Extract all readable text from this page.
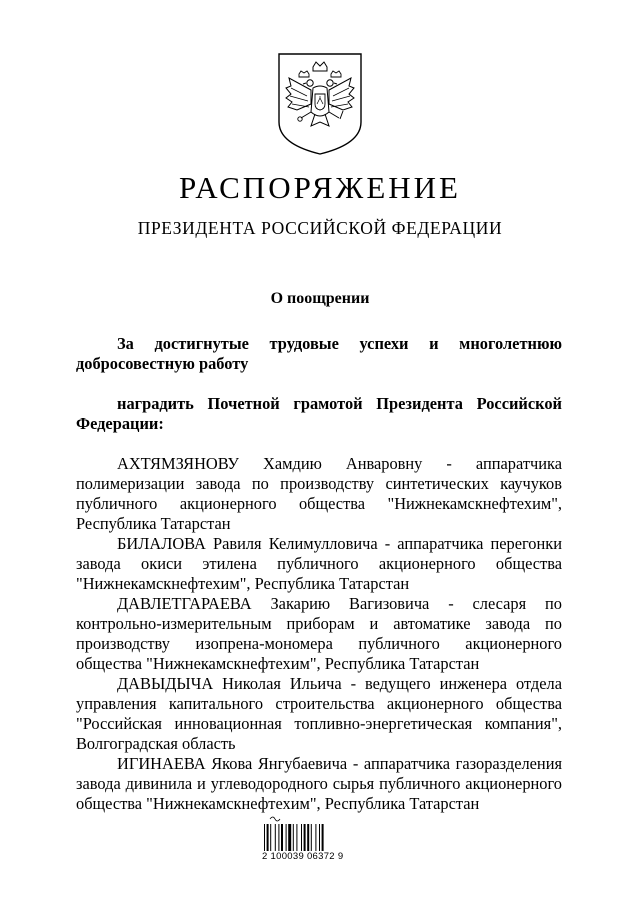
РАСПОРЯЖЕНИЕ
ПРЕЗИДЕНТА РОССИЙСКОЙ ФЕДЕРАЦИИ
О поощрении

За достигнутые трудовые успехи и многолетнюю добросовестную работу

наградить Почетной грамотой Президента Российской Федерации:

АХТЯМЗЯНОВУ Хамдию Анваровну - аппаратчика полимеризации завода по производству синтетических каучуков публичного акционерного общества "Нижнекамскнефтехим", Республика Татарстан

БИЛАЛОВА Равиля Келимуллoвича - аппаратчика перегонки завода окиси этилена публичного акционерного общества "Нижнекамскнефтехим", Республика Татарстан

ДАВЛЕТГАРАЕВА Закарию Вагизовича - слесаря по контрольно-измерительным приборам и автоматике завода по производству изопрена-мономера публичного акционерного общества "Нижнекамскнефтехим", Республика Татарстан

ДАВЫДЫЧА Николая Ильича - ведущего инженера отдела управления капитального строительства акционерного общества "Российская инновационная топливно-энергетическая компания", Волгоградская область

ИГИНАЕВА Якова Янгубаевича - аппаратчика газоразделения завода дивинила и углеводородного сырья публичного акционерного общества "Нижнекамскнефтехим", Республика Татарстан

2 100039 06372 9
